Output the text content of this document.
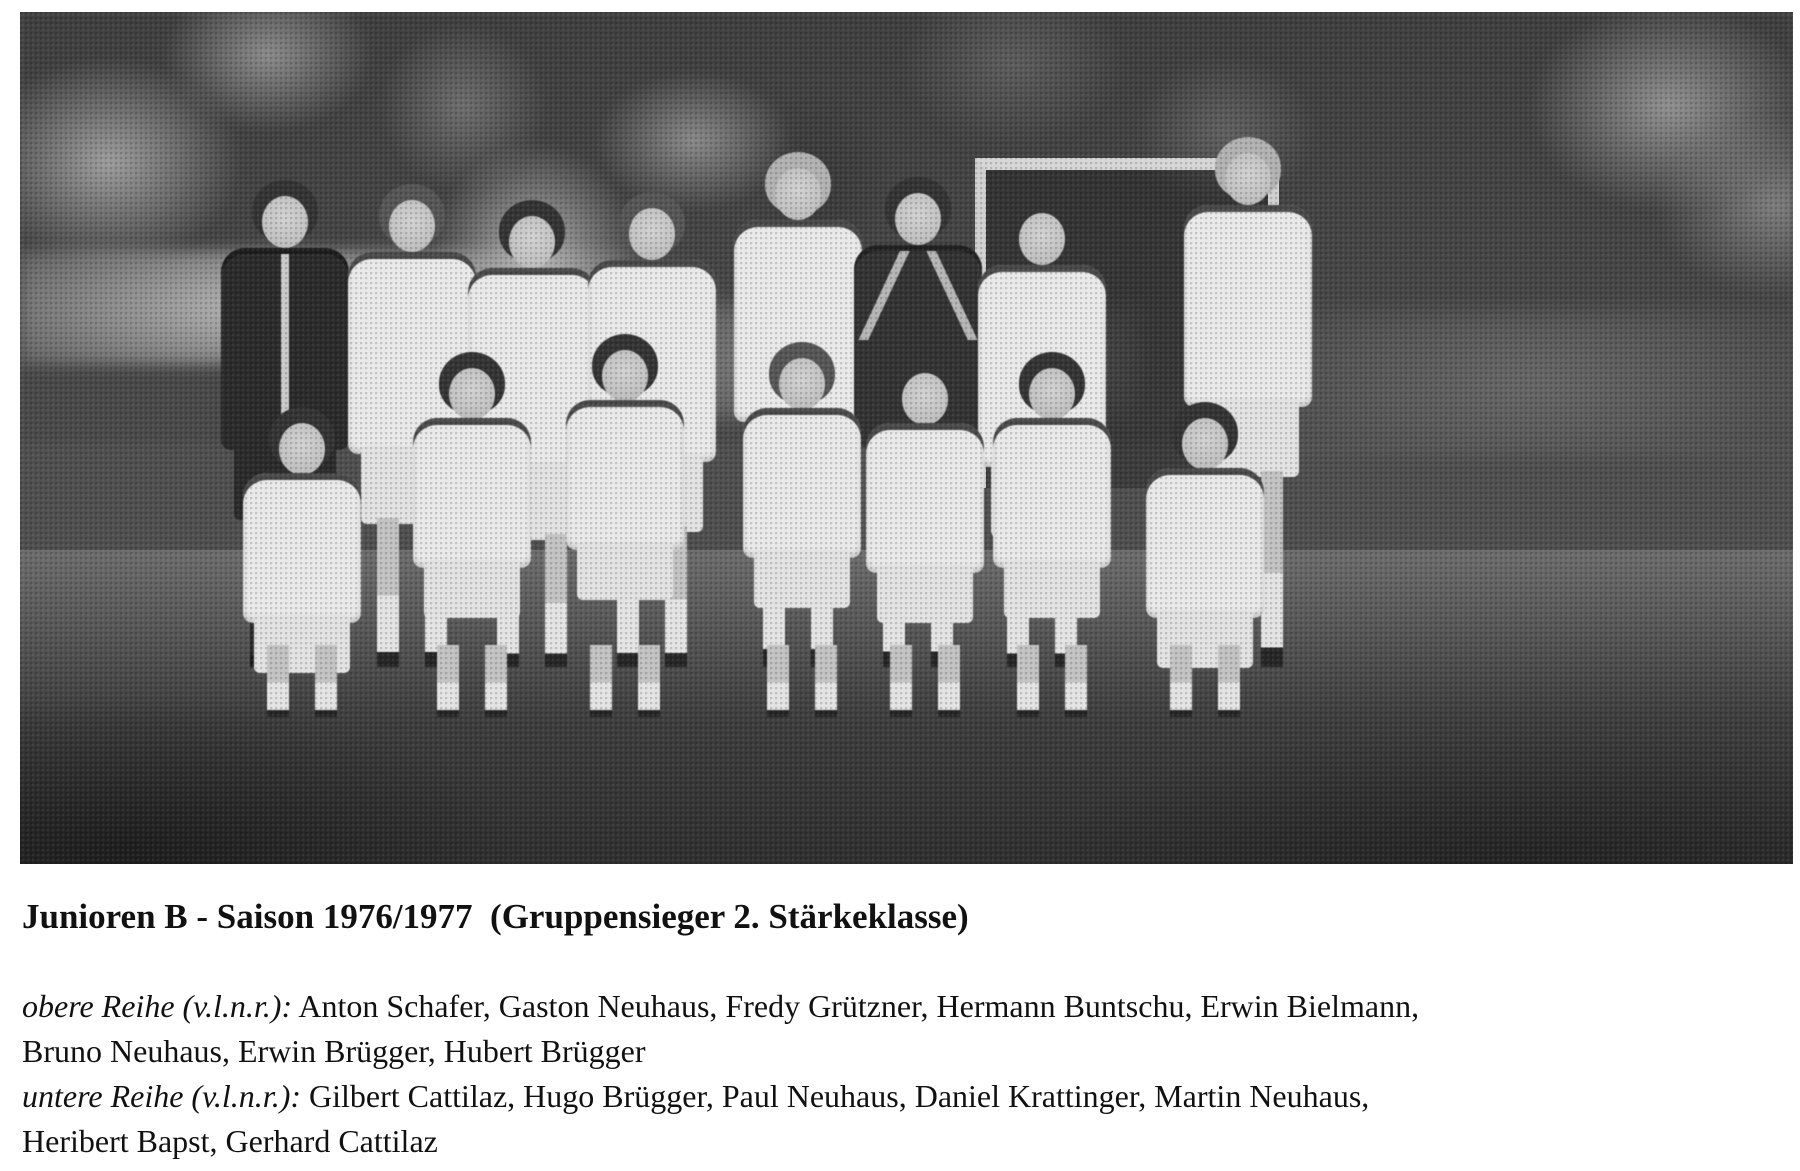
Junioren B - Saison 1976/1977  (Gruppensieger 2. Stärkeklasse)

obere Reihe (v.l.n.r.): Anton Schafer, Gaston Neuhaus, Fredy Grützner, Hermann Buntschu, Erwin Bielmann,

Bruno Neuhaus, Erwin Brügger, Hubert Brügger

untere Reihe (v.l.n.r.): Gilbert Cattilaz, Hugo Brügger, Paul Neuhaus, Daniel Krattinger, Martin Neuhaus,

Heribert Bapst, Gerhard Cattilaz
